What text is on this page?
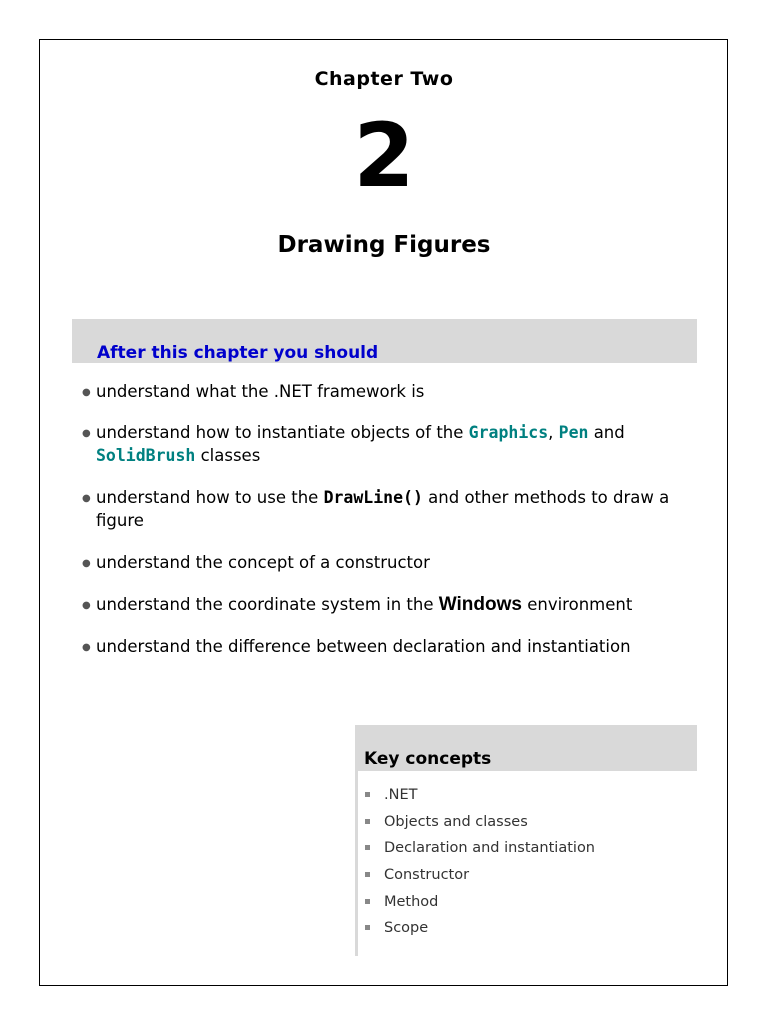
Chapter Two
2
Drawing Figures
After this chapter you should
● understand what the .NET framework is
● understand how to instantiate objects of the Graphics, Pen and SolidBrush classes
● understand how to use the DrawLine() and other methods to draw a figure
● understand the concept of a constructor
● understand the coordinate system in the Windows environment
● understand the difference between declaration and instantiation
Key concepts
.NET
Objects and classes
Declaration and instantiation
Constructor
Method
Scope
